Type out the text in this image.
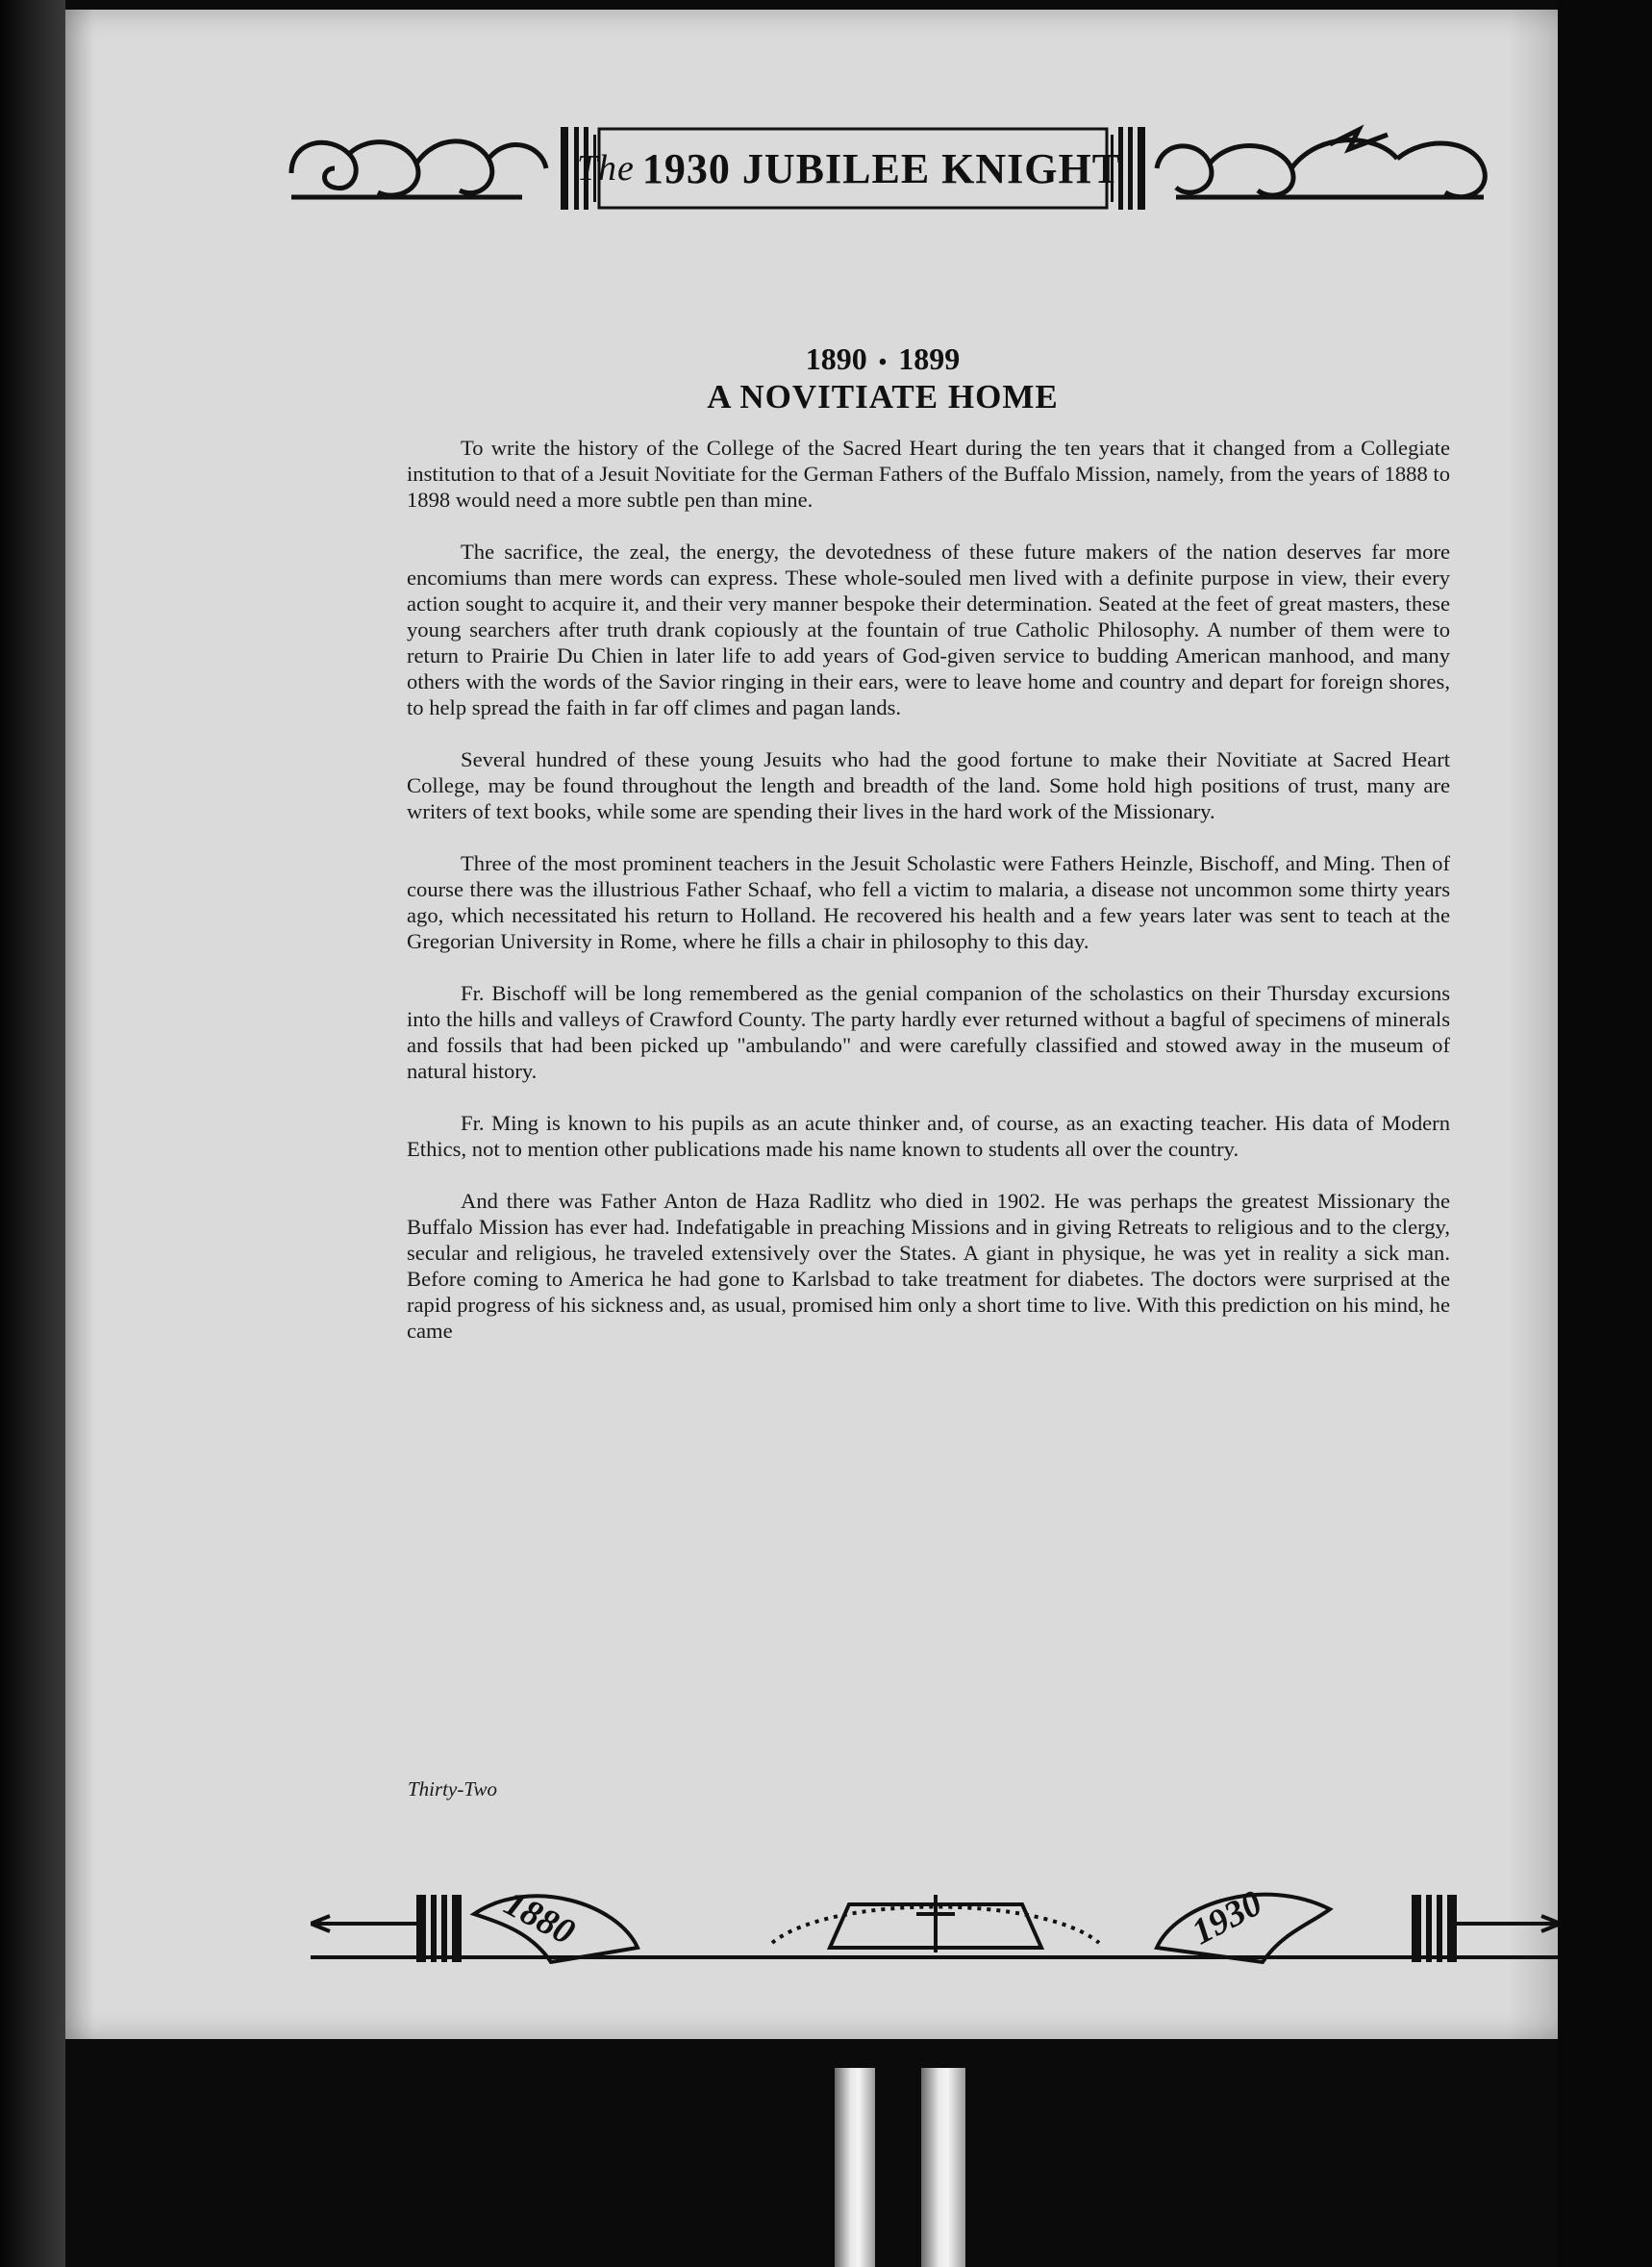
The 1930 JUBILEE KNIGHT
1890 • 1899
A NOVITIATE HOME

To write the history of the College of the Sacred Heart during the ten years that it changed from a Collegiate institution to that of a Jesuit Novitiate for the German Fathers of the Buffalo Mission, namely, from the years of 1888 to 1898 would need a more subtle pen than mine.

The sacrifice, the zeal, the energy, the devotedness of these future makers of the nation deserves far more encomiums than mere words can express. These whole-souled men lived with a definite purpose in view, their every action sought to acquire it, and their very manner bespoke their determination. Seated at the feet of great masters, these young searchers after truth drank copiously at the fountain of true Catholic Philosophy. A number of them were to return to Prairie Du Chien in later life to add years of God-given service to budding American manhood, and many others with the words of the Savior ringing in their ears, were to leave home and country and depart for foreign shores, to help spread the faith in far off climes and pagan lands.

Several hundred of these young Jesuits who had the good fortune to make their Novitiate at Sacred Heart College, may be found throughout the length and breadth of the land. Some hold high positions of trust, many are writers of text books, while some are spending their lives in the hard work of the Missionary.

Three of the most prominent teachers in the Jesuit Scholastic were Fathers Heinzle, Bischoff, and Ming. Then of course there was the illustrious Father Schaaf, who fell a victim to malaria, a disease not uncommon some thirty years ago, which necessitated his return to Holland. He recovered his health and a few years later was sent to teach at the Gregorian University in Rome, where he fills a chair in philosophy to this day.

Fr. Bischoff will be long remembered as the genial companion of the scholastics on their Thursday excursions into the hills and valleys of Crawford County. The party hardly ever returned without a bagful of specimens of minerals and fossils that had been picked up "ambulando" and were carefully classified and stowed away in the museum of natural history.

Fr. Ming is known to his pupils as an acute thinker and, of course, as an exacting teacher. His data of Modern Ethics, not to mention other publications made his name known to students all over the country.

And there was Father Anton de Haza Radlitz who died in 1902. He was perhaps the greatest Missionary the Buffalo Mission has ever had. Indefatigable in preaching Missions and in giving Retreats to religious and to the clergy, secular and religious, he traveled extensively over the States. A giant in physique, he was yet in reality a sick man. Before coming to America he had gone to Karlsbad to take treatment for diabetes. The doctors were surprised at the rapid progress of his sickness and, as usual, promised him only a short time to live. With this prediction on his mind, he came

Thirty-Two
1880	1930
